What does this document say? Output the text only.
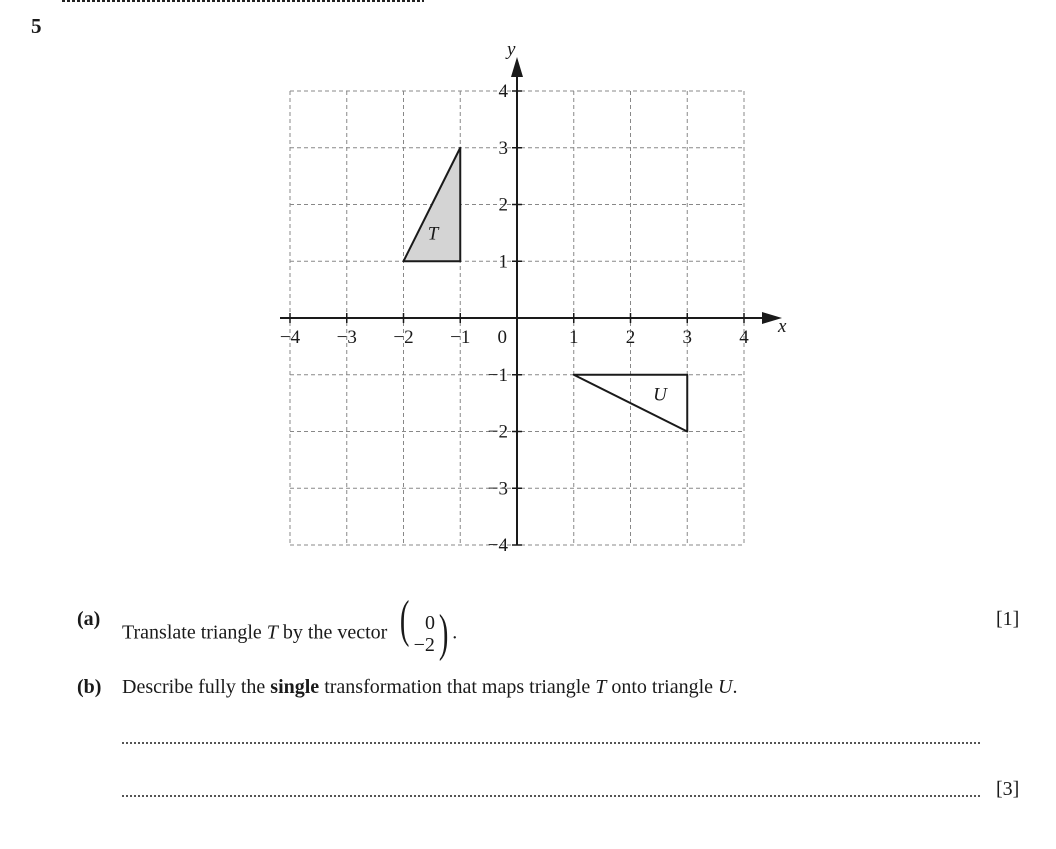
5
T
U
−4 −3 −2 −1	1 2 3 4
4
3
2
1
−1
−2
−3
−4
0
x
y
(a)
Translate triangle T by the vector ( 0
−2 ) .
[1]
(b) Describe fully the single transformation that maps triangle T onto triangle U.
[3]
